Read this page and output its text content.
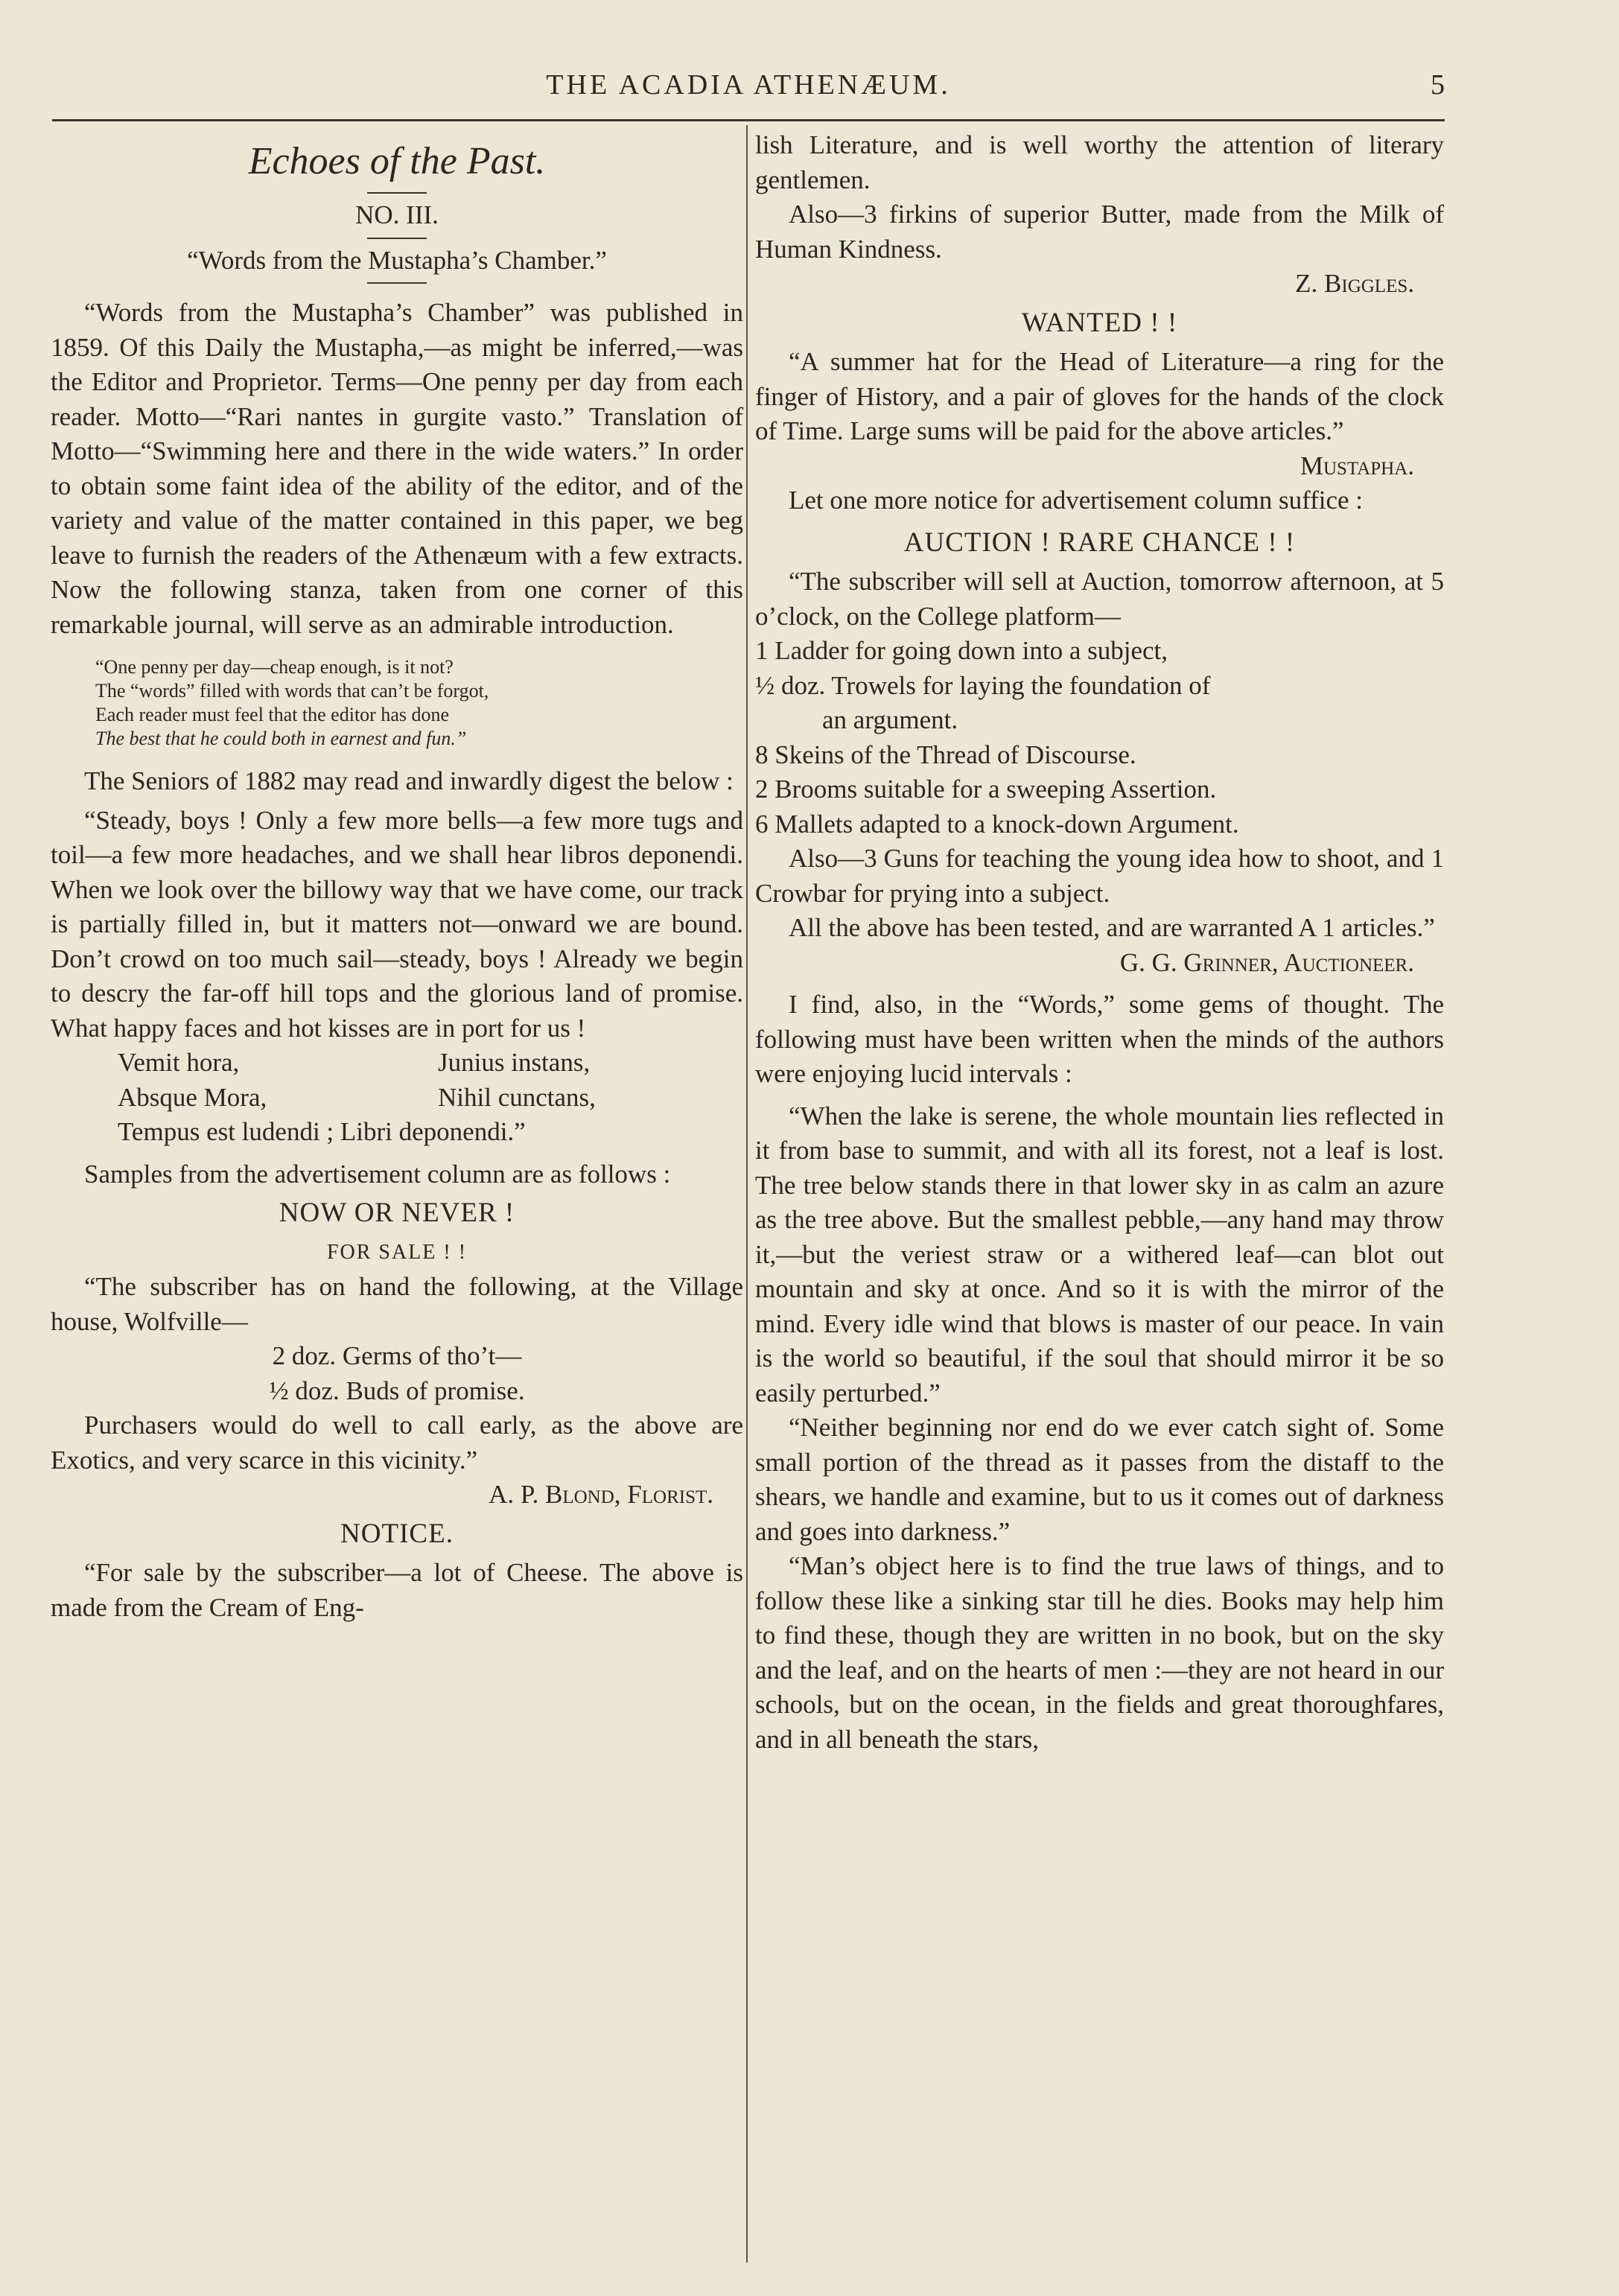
THE ACADIA ATHENÆUM.	5
Echoes of the Past.

NO. III.

“Words from the Mustapha’s Chamber.”

“Words from the Mustapha’s Chamber” was published in 1859. Of this Daily the Mustapha,—as might be inferred,—was the Editor and Proprietor. Terms—One penny per day from each reader. Motto—“Rari nantes in gurgite vasto.” Translation of Motto—“Swimming here and there in the wide waters.” In order to obtain some faint idea of the ability of the editor, and of the variety and value of the matter contained in this paper, we beg leave to furnish the readers of the Athenæum with a few extracts. Now the following stanza, taken from one corner of this remarkable journal, will serve as an admirable introduction.

“One penny per day—cheap enough, is it not?

The “words” filled with words that can’t be forgot,

Each reader must feel that the editor has done

The best that he could both in earnest and fun.”

The Seniors of 1882 may read and inwardly digest the below :

“Steady, boys ! Only a few more bells—a few more tugs and toil—a few more headaches, and we shall hear libros deponendi. When we look over the billowy way that we have come, our track is partially filled in, but it matters not—onward we are bound. Don’t crowd on too much sail—steady, boys ! Already we begin to descry the far-off hill tops and the glorious land of promise. What happy faces and hot kisses are in port for us !

Vemit hora,	Junius instans,
Absque Mora,	Nihil cunctans,
Tempus est ludendi ; Libri deponendi.”

Samples from the advertisement column are as follows :

NOW OR NEVER !
FOR SALE ! !

“The subscriber has on hand the following, at the Village house, Wolfville—

2 doz. Germs of tho’t—

½ doz. Buds of promise.

Purchasers would do well to call early, as the above are Exotics, and very scarce in this vicinity.”

A. P. Blond, Florist.

NOTICE.

“For sale by the subscriber—a lot of Cheese. The above is made from the Cream of Eng-

lish Literature, and is well worthy the attention of literary gentlemen.

Also—3 firkins of superior Butter, made from the Milk of Human Kindness.

Z. Biggles.

WANTED ! !

“A summer hat for the Head of Literature—a ring for the finger of History, and a pair of gloves for the hands of the clock of Time. Large sums will be paid for the above articles.”

Mustapha.

Let one more notice for advertisement column suffice :

AUCTION ! RARE CHANCE ! !

“The subscriber will sell at Auction, tomorrow afternoon, at 5 o’clock, on the College platform—

1 Ladder for going down into a subject,

½ doz. Trowels for laying the foundation of

an argument.

8 Skeins of the Thread of Discourse.

2 Brooms suitable for a sweeping Assertion.

6 Mallets adapted to a knock-down Argument.

Also—3 Guns for teaching the young idea how to shoot, and 1 Crowbar for prying into a subject.

All the above has been tested, and are warranted A 1 articles.”

G. G. Grinner, Auctioneer.

I find, also, in the “Words,” some gems of thought. The following must have been written when the minds of the authors were enjoying lucid intervals :

“When the lake is serene, the whole mountain lies reflected in it from base to summit, and with all its forest, not a leaf is lost. The tree below stands there in that lower sky in as calm an azure as the tree above. But the smallest pebble,—any hand may throw it,—but the veriest straw or a withered leaf—can blot out mountain and sky at once. And so it is with the mirror of the mind. Every idle wind that blows is master of our peace. In vain is the world so beautiful, if the soul that should mirror it be so easily perturbed.”

“Neither beginning nor end do we ever catch sight of. Some small portion of the thread as it passes from the distaff to the shears, we handle and examine, but to us it comes out of darkness and goes into darkness.”

“Man’s object here is to find the true laws of things, and to follow these like a sinking star till he dies. Books may help him to find these, though they are written in no book, but on the sky and the leaf, and on the hearts of men :—they are not heard in our schools, but on the ocean, in the fields and great thoroughfares, and in all beneath the stars,
